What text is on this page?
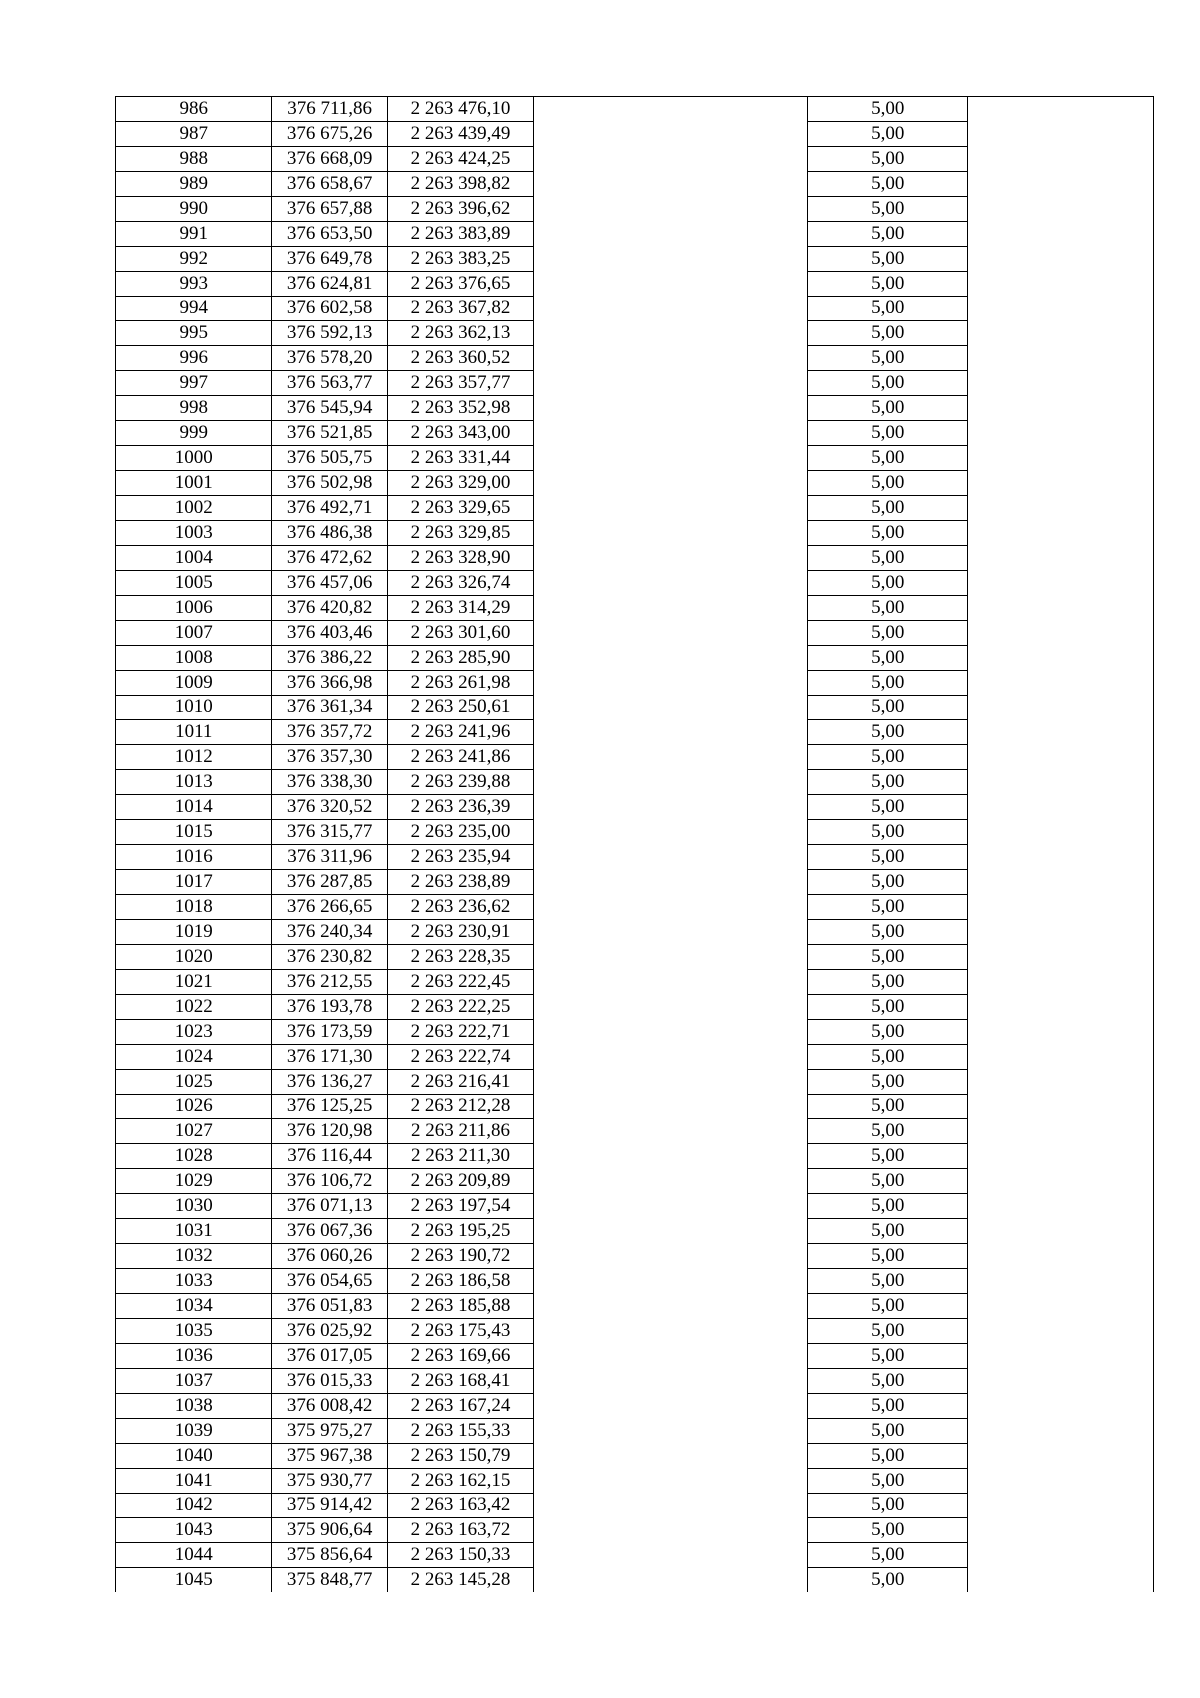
986	376 711,86	2 263 476,10		5,00	
987	376 675,26	2 263 439,49		5,00	
988	376 668,09	2 263 424,25		5,00	
989	376 658,67	2 263 398,82		5,00	
990	376 657,88	2 263 396,62		5,00	
991	376 653,50	2 263 383,89		5,00	
992	376 649,78	2 263 383,25		5,00	
993	376 624,81	2 263 376,65		5,00	
994	376 602,58	2 263 367,82		5,00	
995	376 592,13	2 263 362,13		5,00	
996	376 578,20	2 263 360,52		5,00	
997	376 563,77	2 263 357,77		5,00	
998	376 545,94	2 263 352,98		5,00	
999	376 521,85	2 263 343,00		5,00	
1000	376 505,75	2 263 331,44		5,00	
1001	376 502,98	2 263 329,00		5,00	
1002	376 492,71	2 263 329,65		5,00	
1003	376 486,38	2 263 329,85		5,00	
1004	376 472,62	2 263 328,90		5,00	
1005	376 457,06	2 263 326,74		5,00	
1006	376 420,82	2 263 314,29		5,00	
1007	376 403,46	2 263 301,60		5,00	
1008	376 386,22	2 263 285,90		5,00	
1009	376 366,98	2 263 261,98		5,00	
1010	376 361,34	2 263 250,61		5,00	
1011	376 357,72	2 263 241,96		5,00	
1012	376 357,30	2 263 241,86		5,00	
1013	376 338,30	2 263 239,88		5,00	
1014	376 320,52	2 263 236,39		5,00	
1015	376 315,77	2 263 235,00		5,00	
1016	376 311,96	2 263 235,94		5,00	
1017	376 287,85	2 263 238,89		5,00	
1018	376 266,65	2 263 236,62		5,00	
1019	376 240,34	2 263 230,91		5,00	
1020	376 230,82	2 263 228,35		5,00	
1021	376 212,55	2 263 222,45		5,00	
1022	376 193,78	2 263 222,25		5,00	
1023	376 173,59	2 263 222,71		5,00	
1024	376 171,30	2 263 222,74		5,00	
1025	376 136,27	2 263 216,41		5,00	
1026	376 125,25	2 263 212,28		5,00	
1027	376 120,98	2 263 211,86		5,00	
1028	376 116,44	2 263 211,30		5,00	
1029	376 106,72	2 263 209,89		5,00	
1030	376 071,13	2 263 197,54		5,00	
1031	376 067,36	2 263 195,25		5,00	
1032	376 060,26	2 263 190,72		5,00	
1033	376 054,65	2 263 186,58		5,00	
1034	376 051,83	2 263 185,88		5,00	
1035	376 025,92	2 263 175,43		5,00	
1036	376 017,05	2 263 169,66		5,00	
1037	376 015,33	2 263 168,41		5,00	
1038	376 008,42	2 263 167,24		5,00	
1039	375 975,27	2 263 155,33		5,00	
1040	375 967,38	2 263 150,79		5,00	
1041	375 930,77	2 263 162,15		5,00	
1042	375 914,42	2 263 163,42		5,00	
1043	375 906,64	2 263 163,72		5,00	
1044	375 856,64	2 263 150,33		5,00	
1045	375 848,77	2 263 145,28		5,00	
